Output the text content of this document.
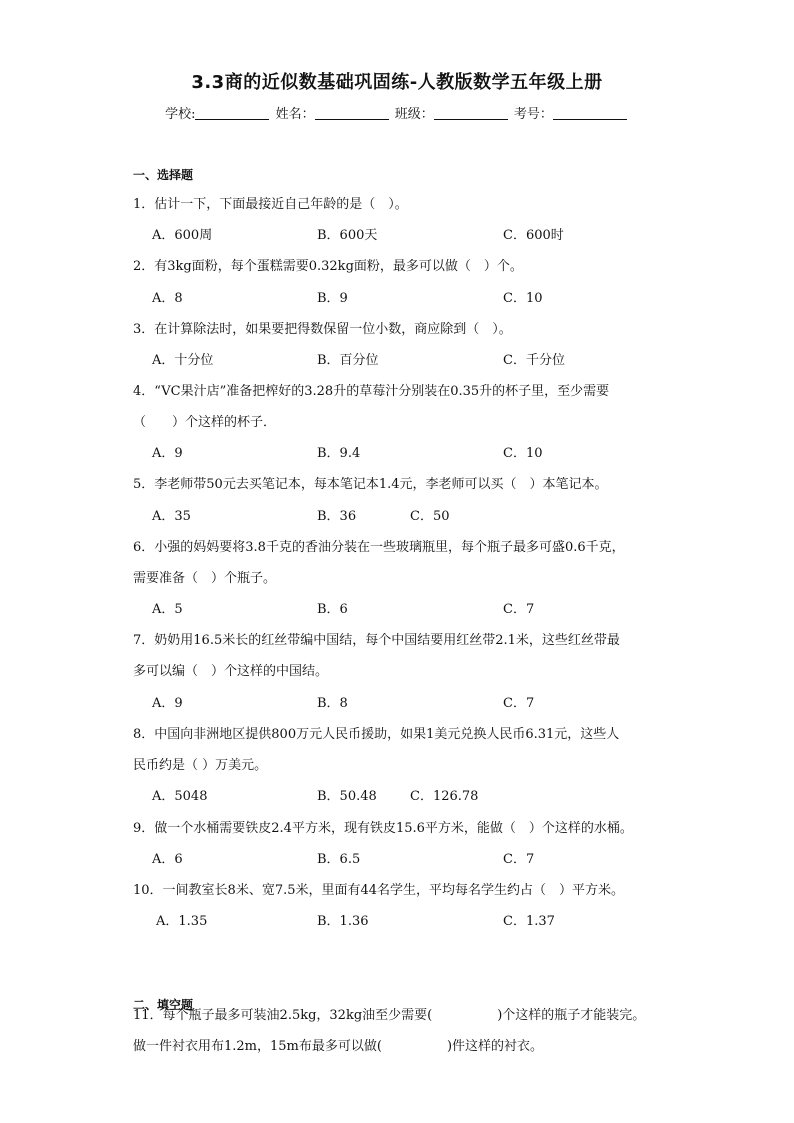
3.3商的近似数基础巩固练-人教版数学五年级上册
学校:	姓名：	班级：	考号：
一、选择题
1．估计一下，下面最接近自己年龄的是（　）。
A．600周	B．600天	C．600时
2．有3kg面粉，每个蛋糕需要0.32kg面粉，最多可以做（　）个。
A．8	B．9	C．10
3．在计算除法时，如果要把得数保留一位小数，商应除到（　）。
A．十分位	B．百分位	C．千分位
4．“VC果汁店”准备把榨好的3.28升的草莓汁分别装在0.35升的杯子里，至少需要
（　　）个这样的杯子．
A．9	B．9.4	C．10
5．李老师带50元去买笔记本，每本笔记本1.4元，李老师可以买（　）本笔记本。
A．35	B．36	C．50
6．小强的妈妈要将3.8千克的香油分装在一些玻璃瓶里，每个瓶子最多可盛0.6千克，
需要准备（　）个瓶子。
A．5	B．6	C．7
7．奶奶用16.5米长的红丝带编中国结，每个中国结要用红丝带2.1米，这些红丝带最
多可以编（　）个这样的中国结。
A．9	B．8	C．7
8．中国向非洲地区提供800万元人民币援助，如果1美元兑换人民币6.31元，这些人
民币约是（ ）万美元。
A．5048	B．50.48	C．126.78
9．做一个水桶需要铁皮2.4平方米，现有铁皮15.6平方米，能做（　）个这样的水桶。
A．6	B．6.5	C．7
10．一间教室长8米、宽7.5米，里面有44名学生，平均每名学生约占（　）平方米。
A．1.35	B．1.36	C．1.37
二、填空题
11．每个瓶子最多可装油2.5kg，32kg油至少需要(　　　　　)个这样的瓶子才能装完。
做一件衬衣用布1.2m，15m布最多可以做(　　　　　)件这样的衬衣。
